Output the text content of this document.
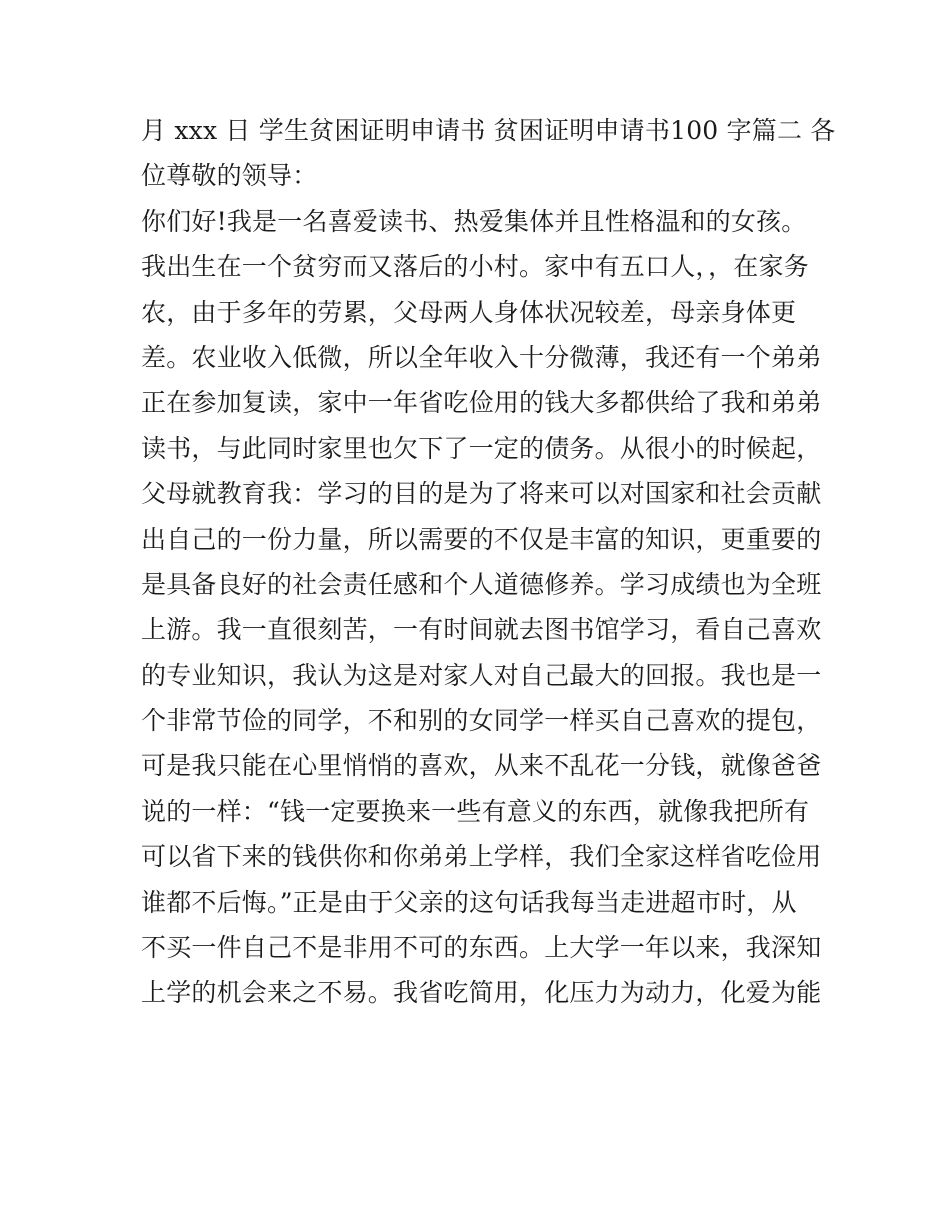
月 xxx 日 学生贫困证明申请书 贫困证明申请书100 字篇二 各
位尊敬的领导：
你们好!我是一名喜爱读书、热爱集体并且性格温和的女孩。
我出生在一个贫穷而又落后的小村。家中有五口人，，在家务
农，由于多年的劳累，父母两人身体状况较差，母亲身体更
差。农业收入低微，所以全年收入十分微薄，我还有一个弟弟
正在参加复读，家中一年省吃俭用的钱大多都供给了我和弟弟
读书，与此同时家里也欠下了一定的债务。从很小的时候起，
父母就教育我：学习的目的是为了将来可以对国家和社会贡献
出自己的一份力量，所以需要的不仅是丰富的知识，更重要的
是具备良好的社会责任感和个人道德修养。学习成绩也为全班
上游。我一直很刻苦，一有时间就去图书馆学习，看自己喜欢
的专业知识，我认为这是对家人对自己最大的回报。我也是一
个非常节俭的同学，不和别的女同学一样买自己喜欢的提包，
可是我只能在心里悄悄的喜欢，从来不乱花一分钱，就像爸爸
说的一样：“钱一定要换来一些有意义的东西，就像我把所有
可以省下来的钱供你和你弟弟上学样，我们全家这样省吃俭用
谁都不后悔。”正是由于父亲的这句话我每当走进超市时，从
不买一件自己不是非用不可的东西。上大学一年以来，我深知
上学的机会来之不易。我省吃简用，化压力为动力，化爱为能
